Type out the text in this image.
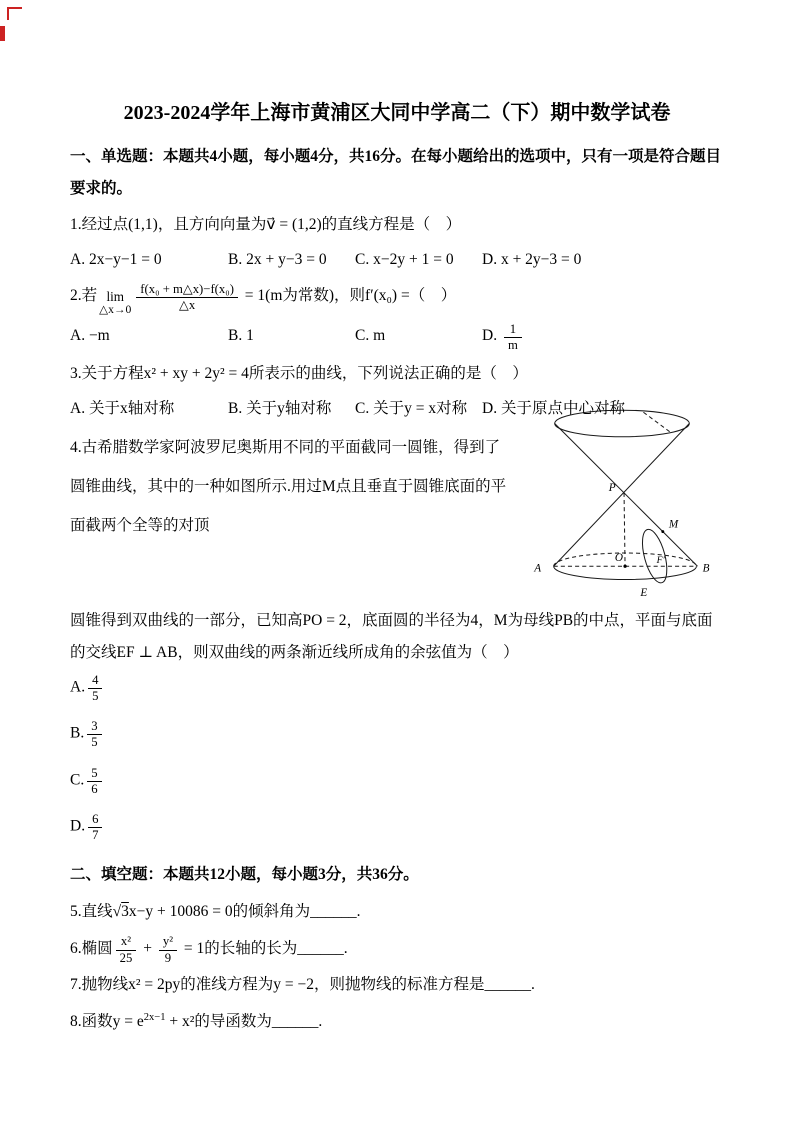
2023-2024学年上海市黄浦区大同中学高二（下）期中数学试卷

一、单选题：本题共4小题，每小题4分，共16分。在每小题给出的选项中，只有一项是符合题目要求的。

1.经过点(1,1)，且方向向量为v⃗ = (1,2)的直线方程是（　）

A. 2x−y−1 = 0	B. 2x + y−3 = 0 C. x−2y + 1 = 0 D. x + 2y−3 = 0

2.若 lim
△x→0 $\frac{\text{f(x₀ + m△x)−f(x₀)}}{\triangle x} = 1(m$为常数)，则f′(x₀) =（　）

A. −m	B. 1	C. m	D. $\frac{1}{m}$

3.关于方程x² + xy + 2y² = 4所表示的曲线，下列说法正确的是（　）

A. 关于x轴对称	B. 关于y轴对称 C. 关于y = x对称 D. 关于原点中心对称

P
M
A	B
O	F′
E

4.古希腊数学家阿波罗尼奥斯用不同的平面截同一圆锥，得到了圆锥曲线，其中的一种如图所示.用过M点且垂直于圆锥底面的平面截两个全等的对顶

圆锥得到双曲线的一部分，已知高PO = 2，底面圆的半径为4，M为母线PB的中点，平面与底面的交线EF ⊥ AB，则双曲线的两条渐近线所成角的余弦值为（　）

A. $\frac{4}{5}$

B. $\frac{3}{5}$

C. $\frac{5}{6}$

D. $\frac{6}{7}$

二、填空题：本题共12小题，每小题3分，共36分。

5.直线√3x−y + 10086 = 0的倾斜角为______.

6.椭圆 $\frac{\text{x²}}{25} + \frac{\text{y²}}{9} = 1$的长轴的长为______.

7.抛物线x² = 2py的准线方程为y = −2，则抛物线的标准方程是______.

8.函数$y = e^{2x-1} + x^2$的导函数为______.
